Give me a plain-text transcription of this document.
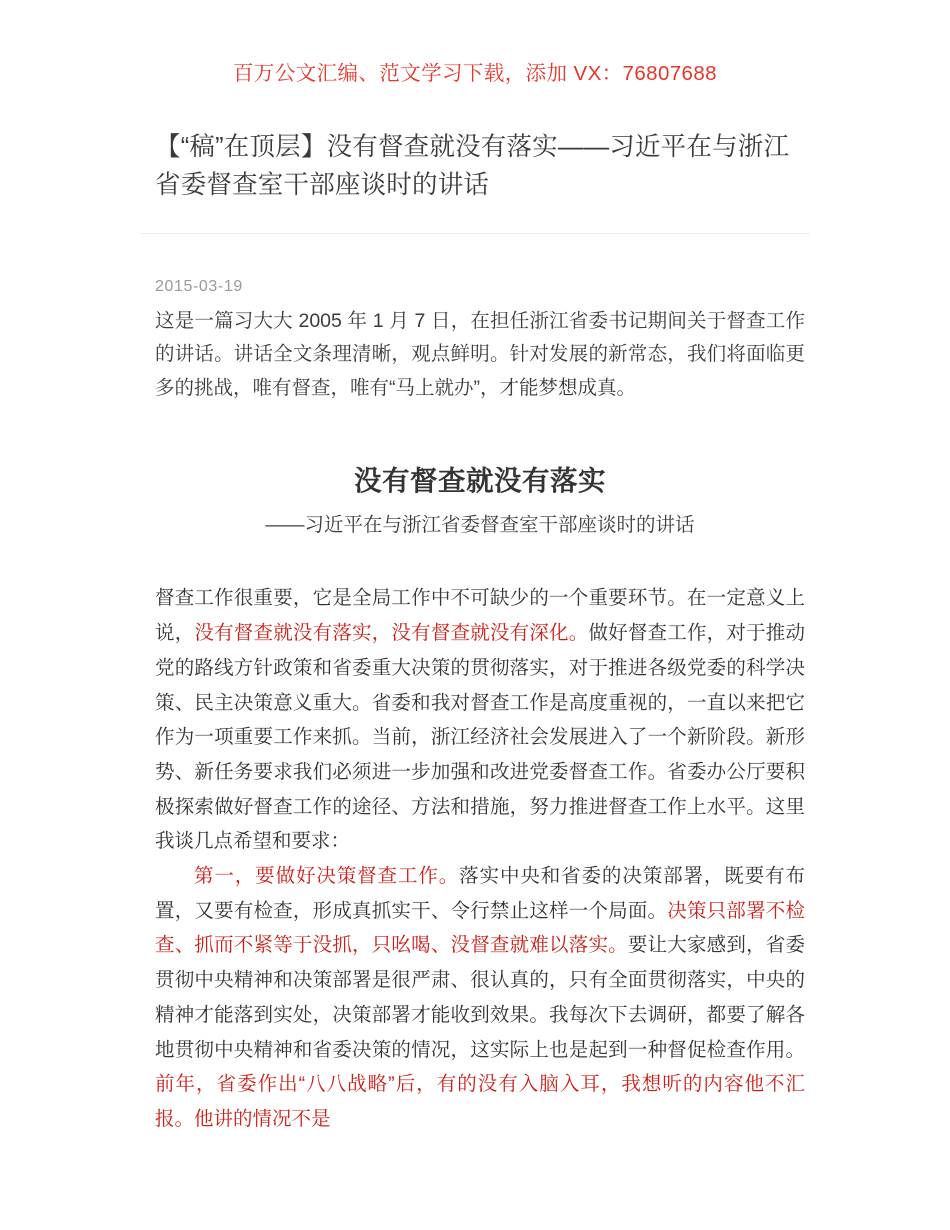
百万公文汇编、范文学习下载，添加 VX：76807688
【“稿”在顶层】没有督查就没有落实——习近平在与浙江省委督查室干部座谈时的讲话
2015-03-19
这是一篇习大大 2005 年 1 月 7 日，在担任浙江省委书记期间关于督查工作的讲话。讲话全文条理清晰，观点鲜明。针对发展的新常态，我们将面临更多的挑战，唯有督查，唯有“马上就办”，才能梦想成真。
没有督查就没有落实
——习近平在与浙江省委督查室干部座谈时的讲话

督查工作很重要，它是全局工作中不可缺少的一个重要环节。在一定意义上说，没有督查就没有落实，没有督查就没有深化。做好督查工作，对于推动党的路线方针政策和省委重大决策的贯彻落实，对于推进各级党委的科学决策、民主决策意义重大。省委和我对督查工作是高度重视的，一直以来把它作为一项重要工作来抓。当前，浙江经济社会发展进入了一个新阶段。新形势、新任务要求我们必须进一步加强和改进党委督查工作。省委办公厅要积极探索做好督查工作的途径、方法和措施，努力推进督查工作上水平。这里我谈几点希望和要求：

第一，要做好决策督查工作。落实中央和省委的决策部署，既要有布置，又要有检查，形成真抓实干、令行禁止这样一个局面。决策只部署不检查、抓而不紧等于没抓，只吆喝、没督查就难以落实。要让大家感到，省委贯彻中央精神和决策部署是很严肃、很认真的，只有全面贯彻落实，中央的精神才能落到实处，决策部署才能收到效果。我每次下去调研，都要了解各地贯彻中央精神和省委决策的情况，这实际上也是起到一种督促检查作用。前年，省委作出“八八战略”后，有的没有入脑入耳，我想听的内容他不汇报。他讲的情况不是
